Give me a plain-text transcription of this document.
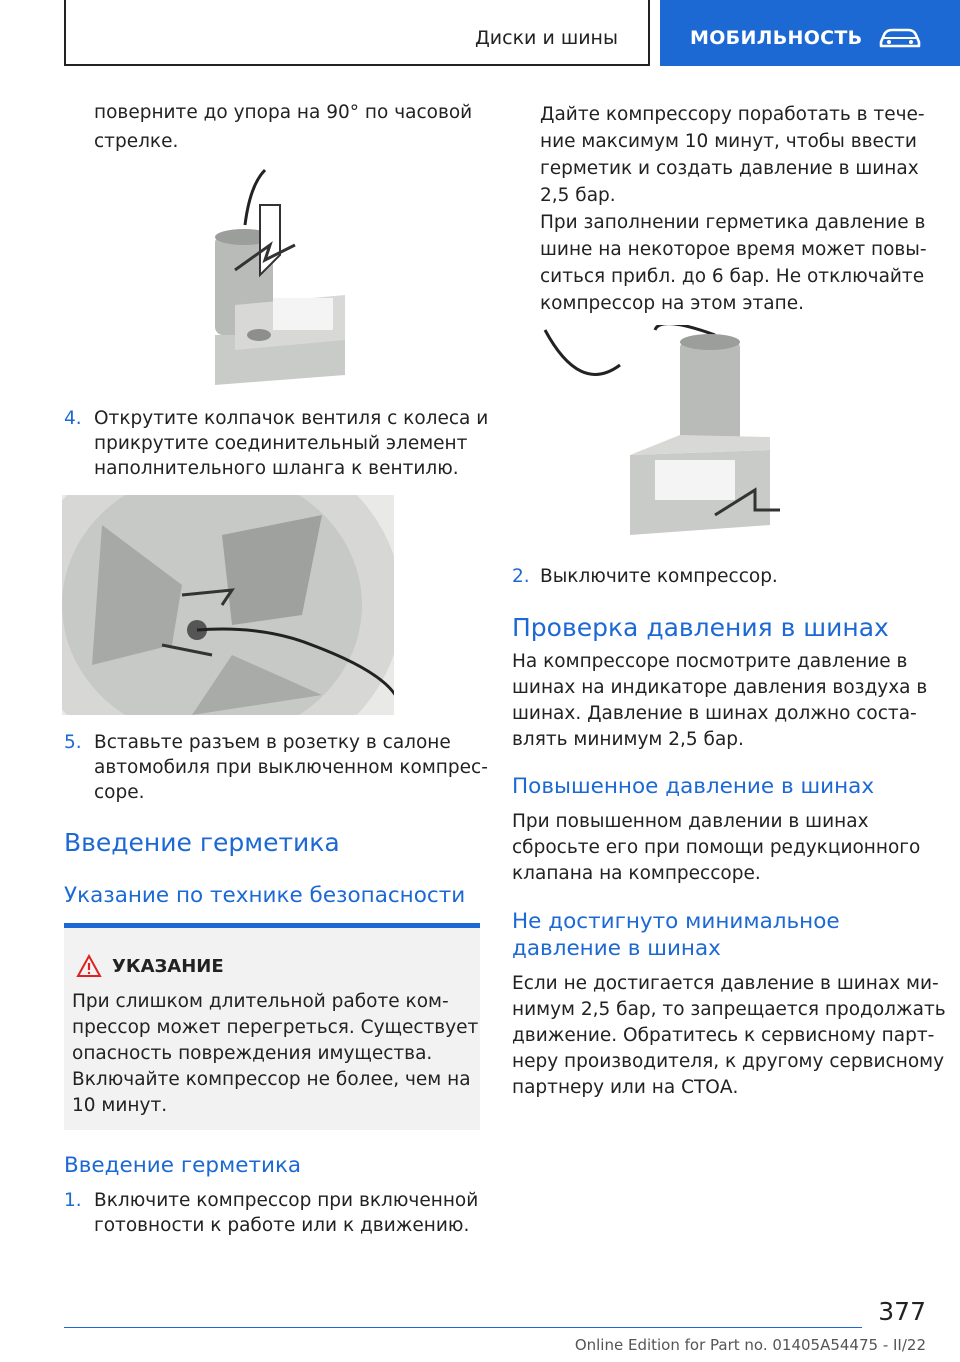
Диски и шины	МОБИЛЬНОСТЬ
поверните до упора на 90° по часовой
стрелке.
4. Открутите колпачок вентиля с колеса и
прикрутите соединительный элемент
наполнительного шланга к вентилю.
5. Вставьте разъем в розетку в салоне
автомобиля при выключенном компрес-
соре.
Введение герметика
Указание по технике безопасности
УКАЗАНИЕ
При слишком длительной работе ком-
прессор может перегреться. Существует
опасность повреждения имущества.
Включайте компрессор не более, чем на
10 минут.
Введение герметика
1. Включите компрессор при включенной
готовности к работе или к движению.
Дайте компрессору поработать в тече-
ние максимум 10 минут, чтобы ввести
герметик и создать давление в шинах
2,5 бар.
При заполнении герметика давление в
шине на некоторое время может повы-
ситься прибл. до 6 бар. Не отключайте
компрессор на этом этапе.
2. Выключите компрессор.
Проверка давления в шинах
На компрессоре посмотрите давление в
шинах на индикаторе давления воздуха в
шинах. Давление в шинах должно соста-
влять минимум 2,5 бар.
Повышенное давление в шинах
При повышенном давлении в шинах
сбросьте его при помощи редукционного
клапана на компрессоре.
Не достигнуто минимальное
давление в шинах
Если не достигается давление в шинах ми-
нимум 2,5 бар, то запрещается продолжать
движение. Обратитесь к сервисному парт-
неру производителя, к другому сервисному
партнеру или на СТОА.
377
Online Edition for Part no. 01405A54475 - II/22
